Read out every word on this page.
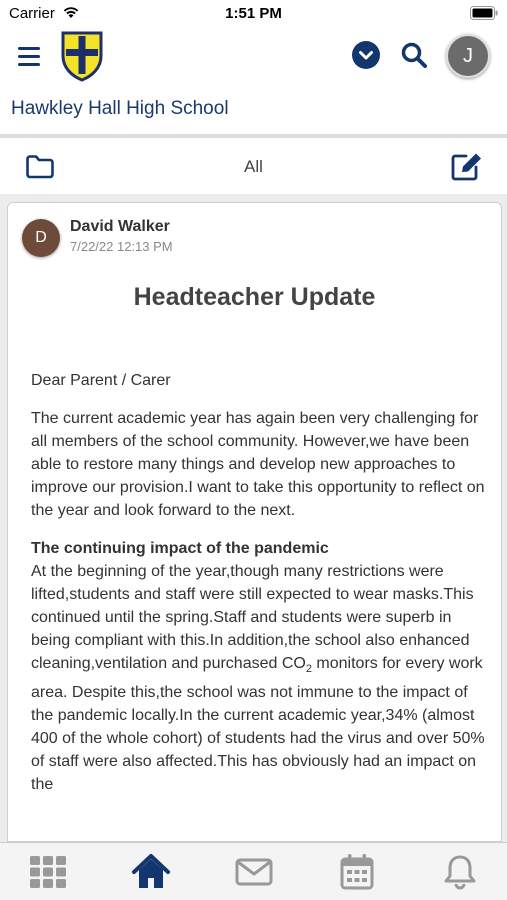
Carrier	1:51 PM
J
Hawkley Hall High School
All
D
David Walker
7/22/22 12:13 PM
Headteacher Update

Dear Parent / Carer

The current academic year has again been very challenging for all members of the school community. However,we have been able to restore many things and develop new approaches to improve our provision.I want to take this opportunity to reflect on the year and look forward to the next.

The continuing impact of the pandemic
At the beginning of the year,though many restrictions were lifted,students and staff were still expected to wear masks.This continued until the spring.Staff and students were superb in being compliant with this.In addition,the school also enhanced cleaning,ventilation and purchased $CO_2$ monitors for every work area. Despite this,the school was not immune to the impact of the pandemic locally.In the current academic year,34% (almost 400 of the whole cohort) of students had the virus and over 50% of staff were also affected.This has obviously had an impact on the
